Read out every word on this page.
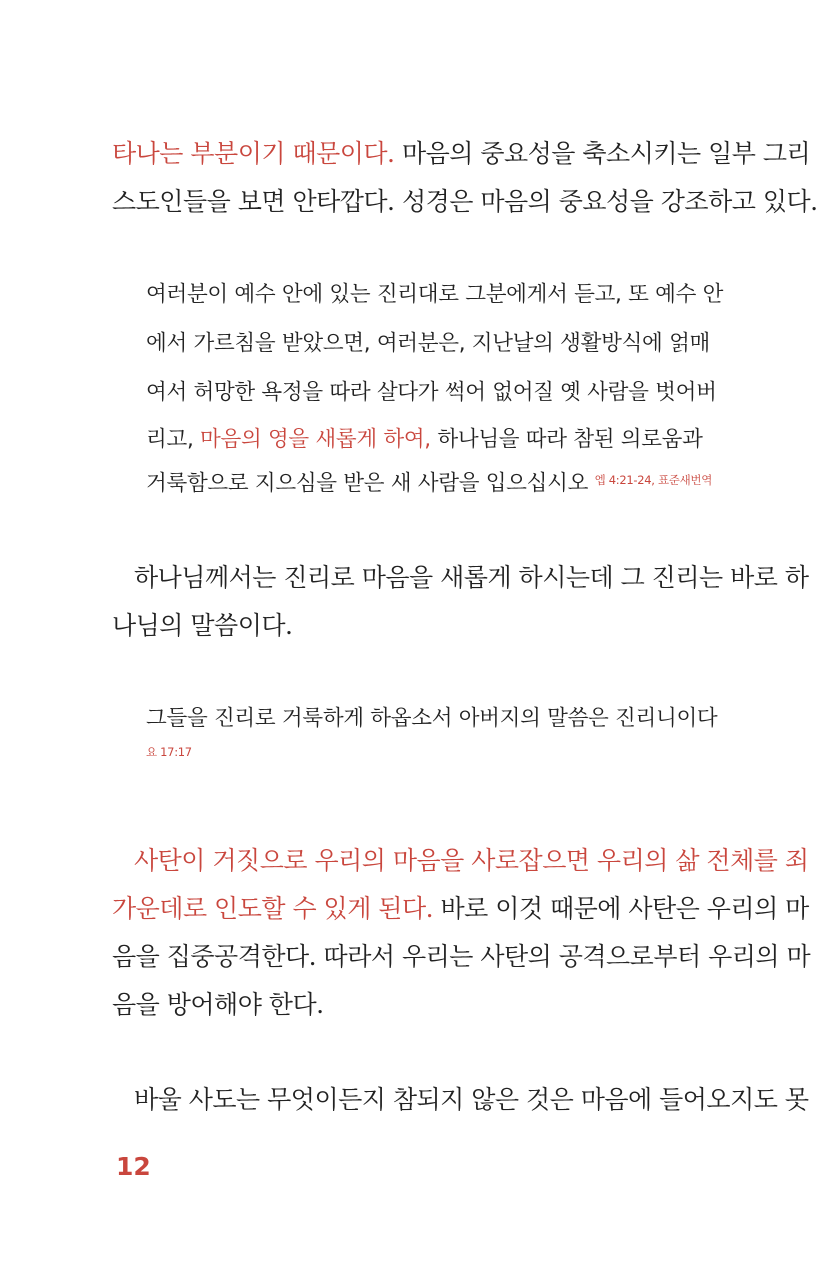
타나는 부분이기 때문이다. 마음의 중요성을 축소시키는 일부 그리
스도인들을 보면 안타깝다. 성경은 마음의 중요성을 강조하고 있다.
여러분이 예수 안에 있는 진리대로 그분에게서 듣고, 또 예수 안
에서 가르침을 받았으면, 여러분은, 지난날의 생활방식에 얽매
여서 허망한 욕정을 따라 살다가 썩어 없어질 옛 사람을 벗어버
리고, 마음의 영을 새롭게 하여, 하나님을 따라 참된 의로움과
거룩함으로 지으심을 받은 새 사람을 입으십시오 $^{엡 4:21-24, 표준새번역}$
하나님께서는 진리로 마음을 새롭게 하시는데 그 진리는 바로 하
나님의 말씀이다.
그들을 진리로 거룩하게 하옵소서 아버지의 말씀은 진리니이다
요 17:17
사탄이 거짓으로 우리의 마음을 사로잡으면 우리의 삶 전체를 죄
가운데로 인도할 수 있게 된다. 바로 이것 때문에 사탄은 우리의 마
음을 집중공격한다. 따라서 우리는 사탄의 공격으로부터 우리의 마
음을 방어해야 한다.
바울 사도는 무엇이든지 참되지 않은 것은 마음에 들어오지도 못
12
